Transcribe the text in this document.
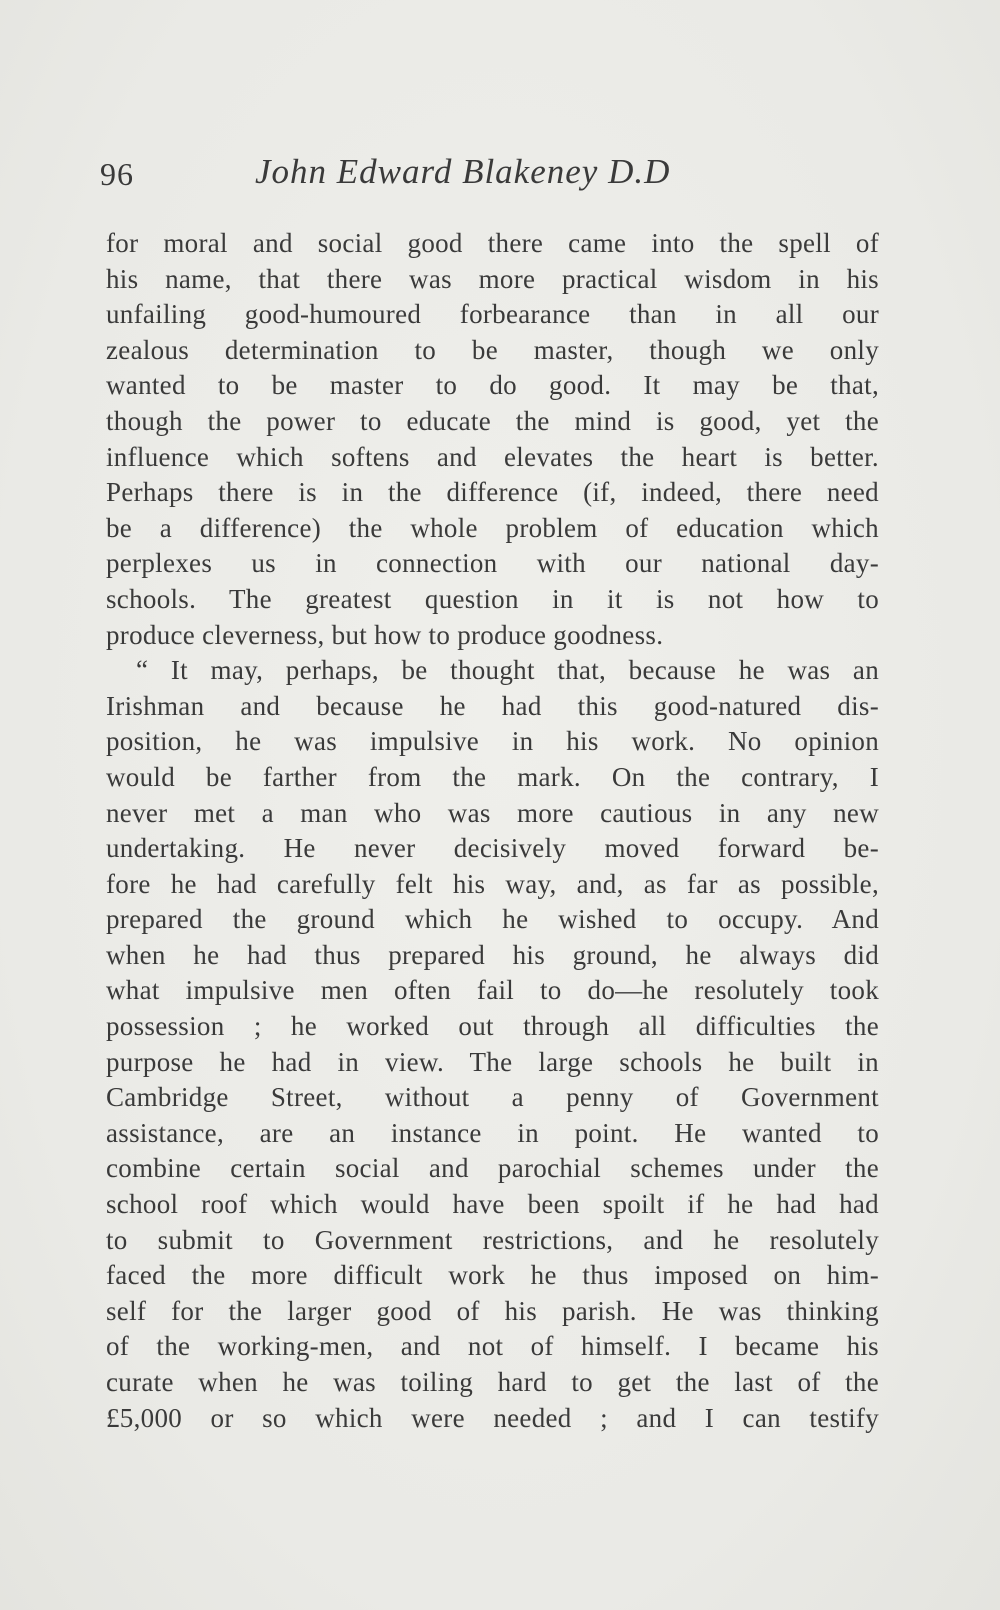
96	John Edward Blakeney D.D
for moral and social good there came into the spell of
his name, that there was more practical wisdom in his
unfailing good-humoured forbearance than in all our
zealous determination to be master, though we only
wanted to be master to do good. It may be that,
though the power to educate the mind is good, yet the
influence which softens and elevates the heart is better.
Perhaps there is in the difference (if, indeed, there need
be a difference) the whole problem of education which
perplexes us in connection with our national day-
schools. The greatest question in it is not how to
produce cleverness, but how to produce goodness.
“ It may, perhaps, be thought that, because he was an
Irishman and because he had this good-natured dis-
position, he was impulsive in his work. No opinion
would be farther from the mark. On the contrary, I
never met a man who was more cautious in any new
undertaking. He never decisively moved forward be-
fore he had carefully felt his way, and, as far as possible,
prepared the ground which he wished to occupy. And
when he had thus prepared his ground, he always did
what impulsive men often fail to do—he resolutely took
possession ; he worked out through all difficulties the
purpose he had in view. The large schools he built in
Cambridge Street, without a penny of Government
assistance, are an instance in point. He wanted to
combine certain social and parochial schemes under the
school roof which would have been spoilt if he had had
to submit to Government restrictions, and he resolutely
faced the more difficult work he thus imposed on him-
self for the larger good of his parish. He was thinking
of the working-men, and not of himself. I became his
curate when he was toiling hard to get the last of the
£5,000 or so which were needed ; and I can testify
